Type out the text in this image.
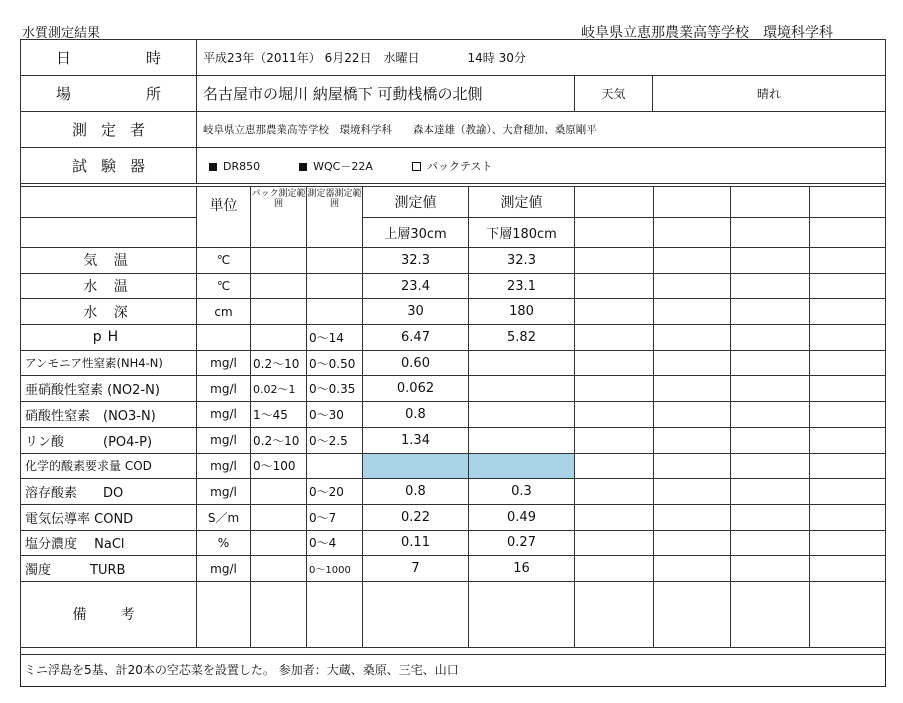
水質測定結果	岐阜県立恵那農業高等学校　環境科学科
日　時	平成23年（2011年） 6月22日　水曜日　　　　14時 30分		
場　所	名古屋市の堀川 納屋橋下 可動桟橋の北側	天気	晴れ
測定者	岐阜県立恵那農業高等学校　環境科学科　　森本達雄（教諭）、大倉穂加、桑原剛平		
試験器	DR850 WQC－22A パックテスト		
	単位	パック測定範囲	測定器測定範囲	測定値	測定値				
				上層30cm	下層180cm				
気 温	℃			32.3	32.3				
水 温	℃			23.4	23.1				
水 深	cm			30	180				
pH			0～14	6.47	5.82				
アンモニア性窒素(NH4-N)	mg/l	0.2～10	0～0.50	0.60					
亜硝酸性窒素 (NO2-N)	mg/l	0.02～1	0～0.35	0.062					
硝酸性窒素　(NO3-N)	mg/l	1～45	0～30	0.8					
リン酸　　　(PO4-P)	mg/l	0.2～10	0～2.5	1.34					
化学的酸素要求量 COD	mg/l	0～100							
溶存酸素　　DO	mg/l		0～20	0.8	0.3				
電気伝導率 COND	S／m		0～7	0.22	0.49				
塩分濃度　 NaCl	%		0～4	0.11	0.27				
濁度　　　TURB	mg/l		0～1000	7	16				
備　考									
ミニ浮島を5基、計20本の空芯菜を設置した。 参加者：大蔵、桑原、三宅、山口
